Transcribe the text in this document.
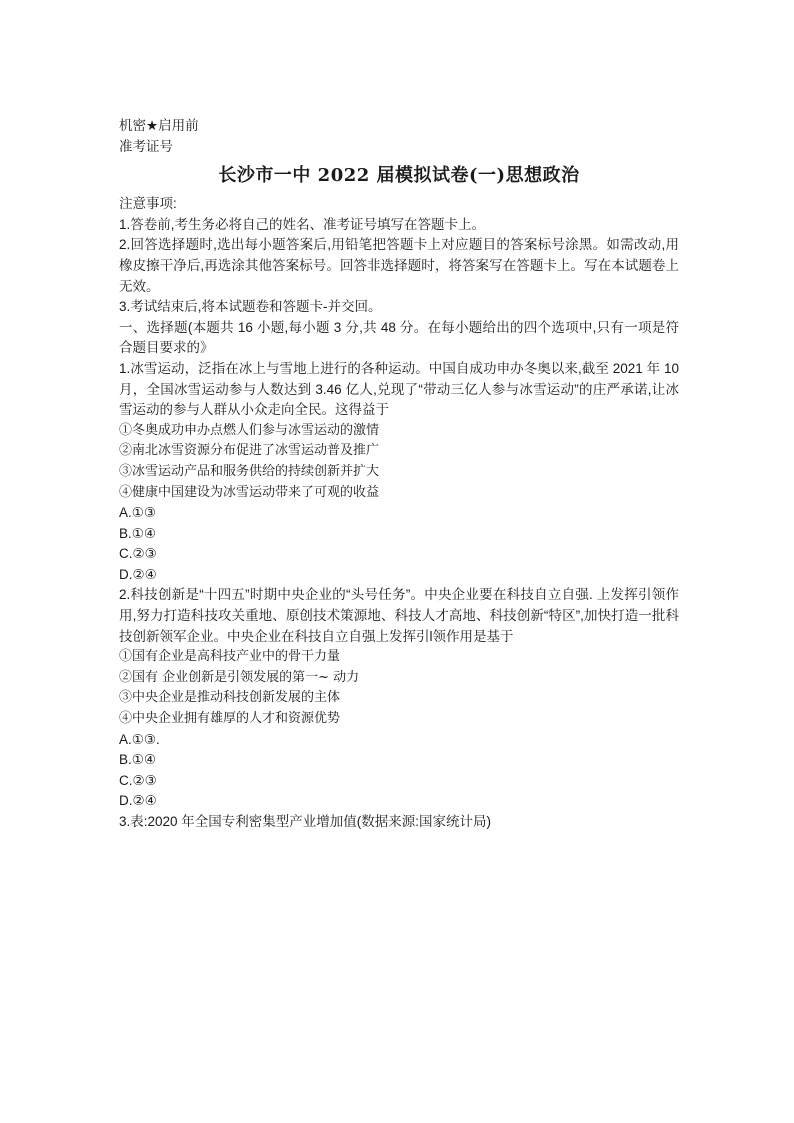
机密★启用前
准考证号
长沙市一中 2022 届模拟试卷(一)思想政治
注意事项:
1.答卷前,考生务必将自己的姓名、准考证号填写在答题卡上。
2.回答选择题时,选出每小题答案后,用铅笔把答题卡上对应题目的答案标号涂黑。如需改动,用橡皮擦干净后,再选涂其他答案标号。回答非选择题时，将答案写在答题卡上。写在本试题卷上无效。
3.考试结束后,将本试题卷和答题卡-并交回。
一、选择题(本题共 16 小题,每小题 3 分,共 48 分。在每小题给出的四个选项中,只有一项是符合题目要求的》
1.冰雪运动，泛指在冰上与雪地上进行的各种运动。中国自成功申办冬奥以来,截至 2021 年 10 月，全国冰雪运动参与人数达到 3.46 亿人,兑现了“带动三亿人参与冰雪运动”的庄严承诺,让冰雪运动的参与人群从小众走向全民。这得益于
①冬奥成功申办点燃人们参与冰雪运动的激情
②南北冰雪资源分布促进了冰雪运动普及推广
③冰雪运动产品和服务供给的持续创新并扩大
④健康中国建设为冰雪运动带来了可观的收益
A.①③
B.①④
C.②③
D.②④
2.科技创新是“十四五”时期中央企业的“头号任务”。中央企业要在科技自立自强. 上发挥引领作用,努力打造科技攻关重地、原创技术策源地、科技人才高地、科技创新“特区”,加快打造一批科技创新领军企业。中央企业在科技自立自强上发挥引l领作用是基于
①国有企业是高科技产业中的骨干力量
②国有 企业创新是引领发展的第一~ 动力
③中央企业是推动科技创新发展的主体
④中央企业拥有雄厚的人才和资源优势
A.①③.
B.①④
C.②③
D.②④
3.表:2020 年全国专利密集型产业增加值(数据来源:国家统计局)
